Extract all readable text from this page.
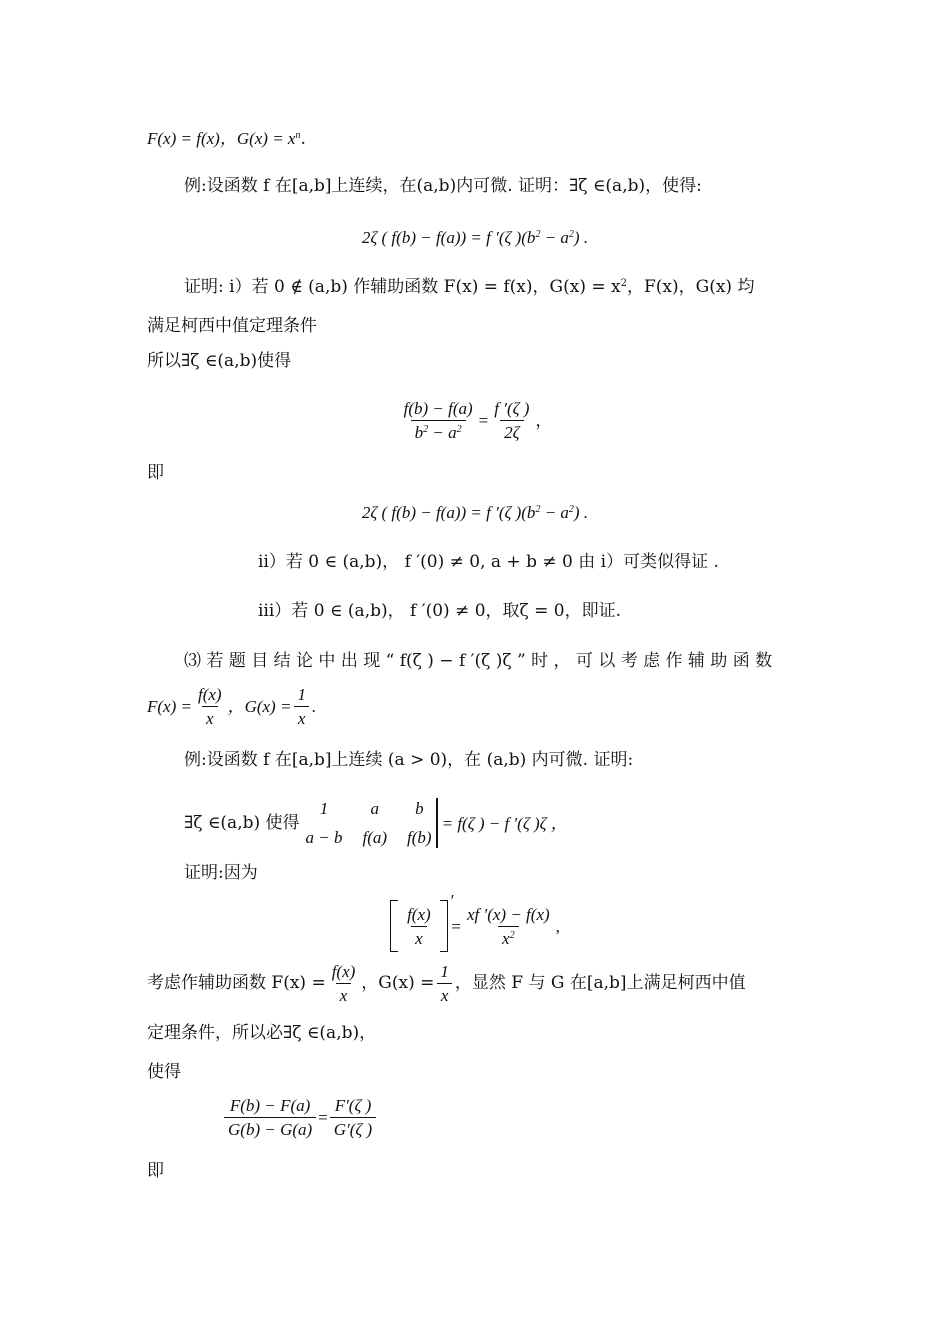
F(x) = f(x)，$G(x) = x^n$.
例:设函数 f 在[a,b]上连续，在(a,b)内可微. 证明：∃ζ ∈(a,b)，使得:
2ζ ( f(b) − f(a)) = f ′(ζ )$(b^2 - a^2)$ .
证明: ⅰ）若 0 ∉ (a,b) 作辅助函数 F(x) = f(x)，$G(x) = x^2$，F(x)，G(x) 均
满足柯西中值定理条件
所以∃ζ ∈(a,b)使得
$\frac{f(b) - f(a)}{b^2 - a^2} = \frac{f '(\zeta )}{2\zeta}$ ，
即
2ζ ( f(b) − f(a)) = f ′(ζ )$(b^2 - a^2)$ .
ⅱ）若 0 ∈ (a,b)， f ′(0) ≠ 0, a + b ≠ 0 由 ⅰ）可类似得证 .
ⅲ）若 0 ∈ (a,b)， f ′(0) ≠ 0，取ζ = 0，即证.
⑶ 若 题 目 结 论 中 出 现 “ f(ζ ) − f ′(ζ )ζ ” 时 ， 可 以 考 虑 作 辅 助 函 数
$F(x) = \frac{f(x)}{x}$ ，$G(x) = \frac{1}{x}$ .
例:设函数 f 在[a,b]上连续 (a > 0)，在 (a,b) 内可微. 证明:
∃ζ ∈(a,b) 使得
1	a	b
a − b f(a) f(b)
= f(ζ ) − f ′(ζ )ζ ，
证明:因为
$\frac{f(x)}{x}$
′
= $\frac{xf '(x) - f(x)}{x^2}$ ,
考虑作辅助函数 $F(x) = \frac{f(x)}{x}$ ，$G(x) = \frac{1}{x}$ ，显然 F 与 G 在[a,b]上满足柯西中值
定理条件，所以必∃ζ ∈(a,b)，
使得
$\frac{F(b) - F(a)}{G(b) - G(a)} = \frac{F'(\zeta )}{G'(\zeta )}$
即
